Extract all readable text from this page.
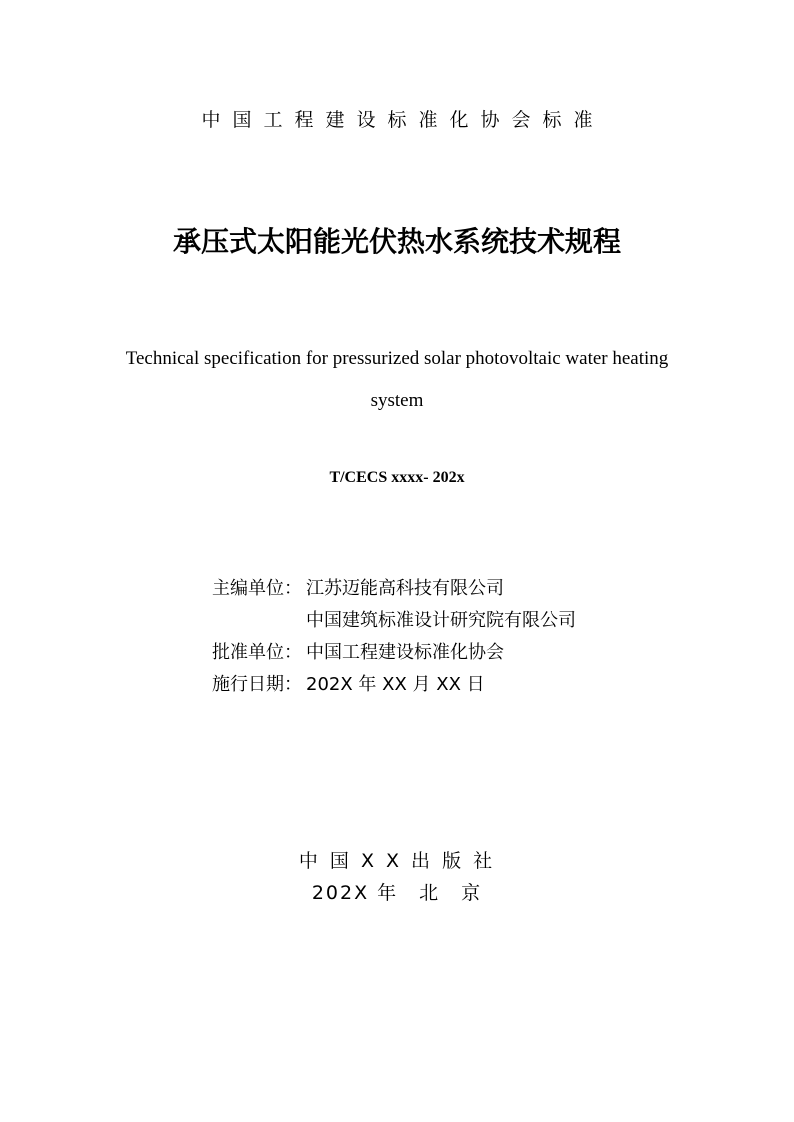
中国工程建设标准化协会标准
承压式太阳能光伏热水系统技术规程
Technical specification for pressurized solar photovoltaic water heating
system
T/CECS xxxx- 202x
主编单位： 江苏迈能高科技有限公司
中国建筑标准设计研究院有限公司
批准单位： 中国工程建设标准化协会
施行日期： 202X 年 XX 月 XX 日
中 国 X X 出 版 社
202X 年　北　京
